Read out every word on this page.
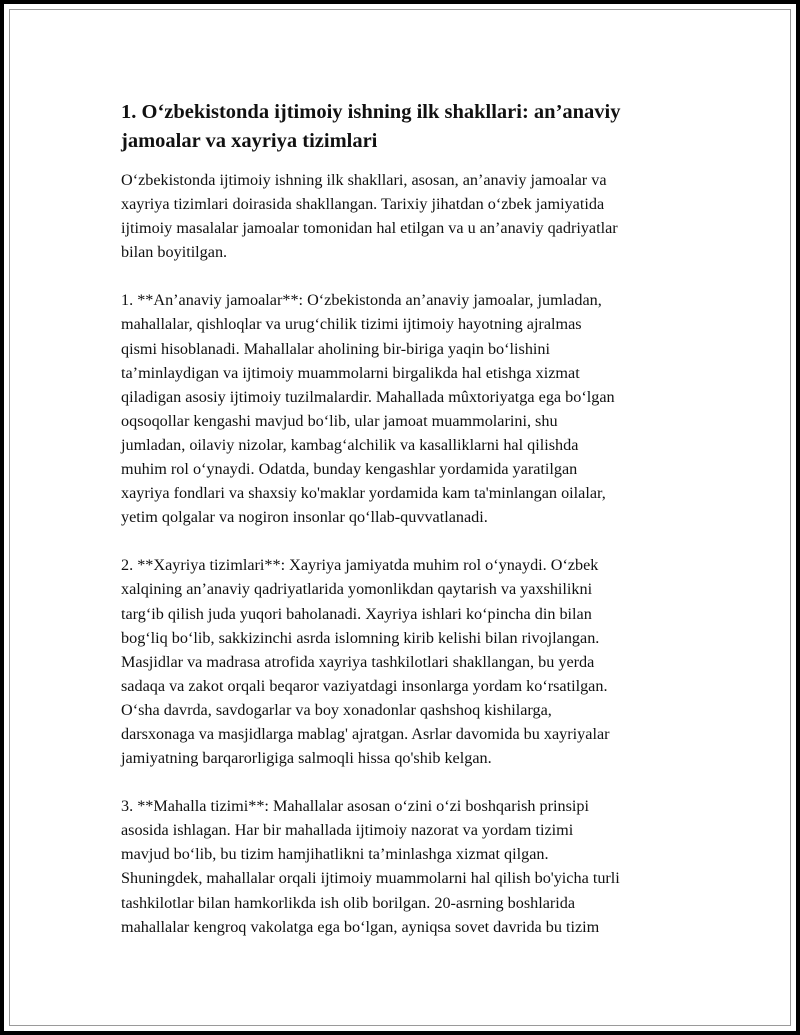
1. O‘zbekistonda ijtimoiy ishning ilk shakllari: an’anaviy
jamoalar va xayriya tizimlari

O‘zbekistonda ijtimoiy ishning ilk shakllari, asosan, an’anaviy jamoalar va
xayriya tizimlari doirasida shakllangan. Tarixiy jihatdan o‘zbek jamiyatida
ijtimoiy masalalar jamoalar tomonidan hal etilgan va u an’anaviy qadriyatlar
bilan boyitilgan.

1. **An’anaviy jamoalar**: O‘zbekistonda an’anaviy jamoalar, jumladan,
mahallalar, qishloqlar va urug‘chilik tizimi ijtimoiy hayotning ajralmas
qismi hisoblanadi. Mahallalar aholining bir-biriga yaqin bo‘lishini
ta’minlaydigan va ijtimoiy muammolarni birgalikda hal etishga xizmat
qiladigan asosiy ijtimoiy tuzilmalardir. Mahallada mûxtoriyatga ega bo‘lgan
oqsoqollar kengashi mavjud bo‘lib, ular jamoat muammolarini, shu
jumladan, oilaviy nizolar, kambag‘alchilik va kasalliklarni hal qilishda
muhim rol o‘ynaydi. Odatda, bunday kengashlar yordamida yaratilgan
xayriya fondlari va shaxsiy ko'maklar yordamida kam ta'minlangan oilalar,
yetim qolgalar va nogiron insonlar qo‘llab-quvvatlanadi.

2. **Xayriya tizimlari**: Xayriya jamiyatda muhim rol o‘ynaydi. O‘zbek
xalqining an’anaviy qadriyatlarida yomonlikdan qaytarish va yaxshilikni
targ‘ib qilish juda yuqori baholanadi. Xayriya ishlari ko‘pincha din bilan
bog‘liq bo‘lib, sakkizinchi asrda islomning kirib kelishi bilan rivojlangan.
Masjidlar va madrasa atrofida xayriya tashkilotlari shakllangan, bu yerda
sadaqa va zakot orqali beqaror vaziyatdagi insonlarga yordam ko‘rsatilgan.
O‘sha davrda, savdogarlar va boy xonadonlar qashshoq kishilarga,
darsxonaga va masjidlarga mablag' ajratgan. Asrlar davomida bu xayriyalar
jamiyatning barqarorligiga salmoqli hissa qo'shib kelgan.

3. **Mahalla tizimi**: Mahallalar asosan o‘zini o‘zi boshqarish prinsipi
asosida ishlagan. Har bir mahallada ijtimoiy nazorat va yordam tizimi
mavjud bo‘lib, bu tizim hamjihatlikni ta’minlashga xizmat qilgan.
Shuningdek, mahallalar orqali ijtimoiy muammolarni hal qilish bo'yicha turli
tashkilotlar bilan hamkorlikda ish olib borilgan. 20-asrning boshlarida
mahallalar kengroq vakolatga ega bo‘lgan, ayniqsa sovet davrida bu tizim
